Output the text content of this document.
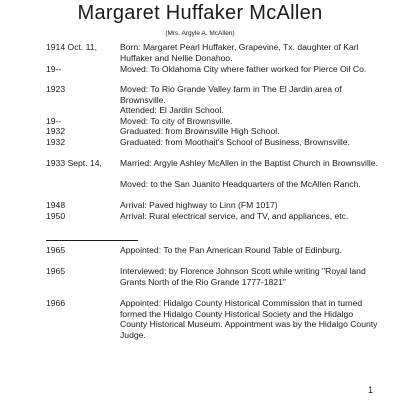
Margaret Huffaker McAllen
(Mrs. Argyle A. McAllen)
1914 Oct. 11,	Born: Margaret Pearl Huffaker, Grapevine, Tx. daughter of Karl Huffaker and Nellie Donahoo.
19--	Moved: To Oklahoma City where father worked for Pierce Oil Co.
1923	Moved: To Rio Grande Valley farm in The El Jardin area of Brownsville.
Attended: El Jardin School.
19--	Moved: To city of Brownsville.
1932	Graduated: from Brownsville High School.
1932	Graduated: from Moothait's School of Business, Brownsville.
1933 Sept. 14, Married: Argyle Ashley McAllen in the Baptist Church in Brownsville.
Moved: to the San Juanito Headquarters of the McAllen Ranch.
1948	Arrival: Paved highway to Linn (FM 1017)
1950	Arrival: Rural electrical service, and TV, and appliances, etc.
1965	Appointed: To the Pan American Round Table of Edinburg.
1965	Interviewed: by Florence Johnson Scott while writing "Royal land Grants North of the Rio Grande 1777-1821"
1966	Appointed: Hidalgo County Historical Commission that in turned formed the Hidalgo County Historical Society and the Hidalgo County Historical Museum. Appointment was by the Hidalgo County Judge.
1
